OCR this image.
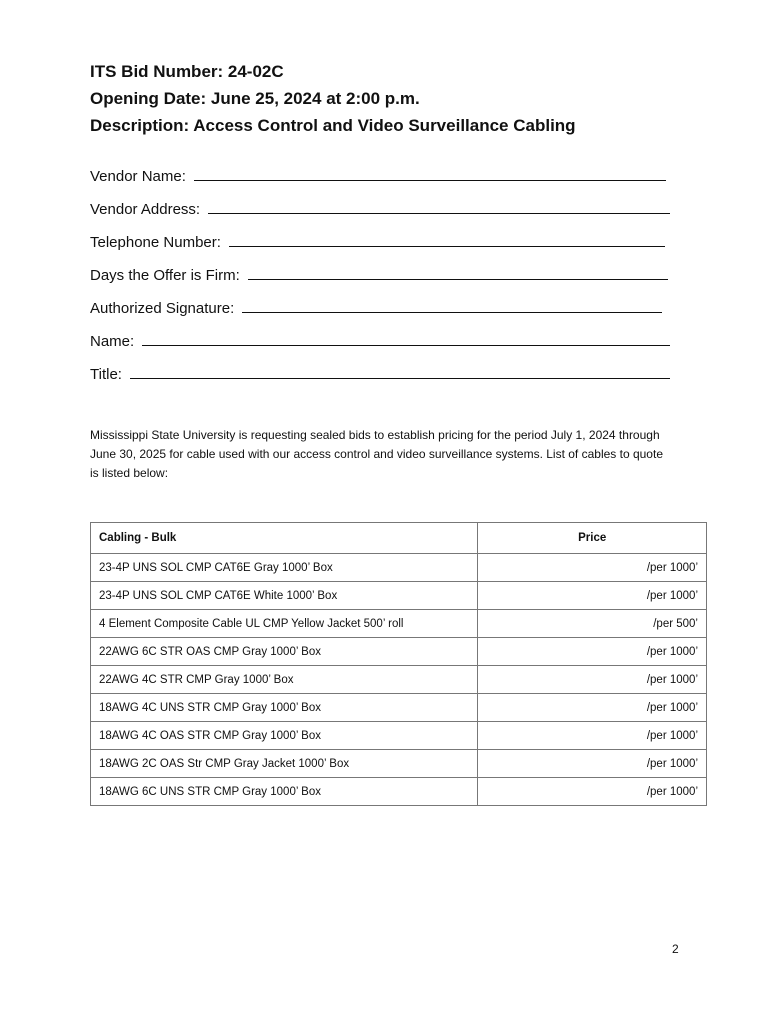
ITS Bid Number: 24-02C
Opening Date: June 25, 2024 at 2:00 p.m.
Description: Access Control and Video Surveillance Cabling
Vendor Name:
Vendor Address:
Telephone Number:
Days the Offer is Firm:
Authorized Signature:
Name:
Title:
Mississippi State University is requesting sealed bids to establish pricing for the period July 1, 2024 through June 30, 2025 for cable used with our access control and video surveillance systems. List of cables to quote is listed below:
Cabling - Bulk	Price
23-4P UNS SOL CMP CAT6E Gray 1000’ Box	/per 1000’
23-4P UNS SOL CMP CAT6E White 1000’ Box	/per 1000’
4 Element Composite Cable UL CMP Yellow Jacket 500’ roll	/per 500’
22AWG 6C STR OAS CMP Gray 1000’ Box	/per 1000’
22AWG 4C STR CMP Gray 1000’ Box	/per 1000’
18AWG 4C UNS STR CMP Gray 1000’ Box	/per 1000’
18AWG 4C OAS STR CMP Gray 1000’ Box	/per 1000’
18AWG 2C OAS Str CMP Gray Jacket 1000’ Box	/per 1000’
18AWG 6C UNS STR CMP Gray 1000’ Box	/per 1000’
2
